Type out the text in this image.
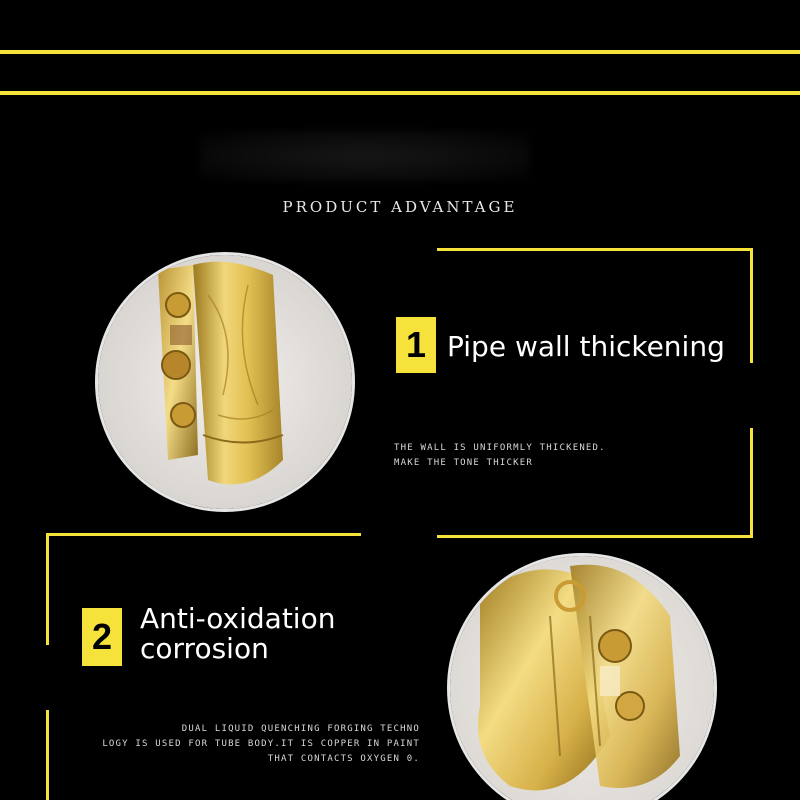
PRODUCT ADVANTAGE
1 Pipe wall thickening
THE WALL IS UNIFORMLY THICKENED.
MAKE THE TONE THICKER
2 Anti-oxidation
corrosion
DUAL LIQUID QUENCHING FORGING TECHNO
LOGY IS USED FOR TUBE BODY.IT IS COPPER IN PAINT
THAT CONTACTS OXYGEN 0.
